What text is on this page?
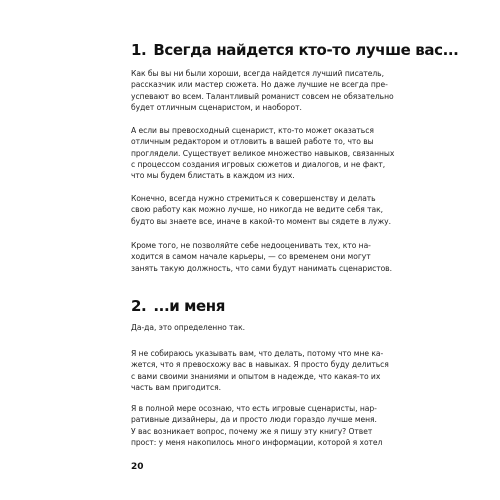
1. Всегда найдется кто-то лучше вас...

Как бы вы ни были хороши, всегда найдется лучший писатель,
рассказчик или мастер сюжета. Но даже лучшие не всегда пре-
успевают во всем. Талантливый романист совсем не обязательно
будет отличным сценаристом, и наоборот.

А если вы превосходный сценарист, кто-то может оказаться
отличным редактором и отловить в вашей работе то, что вы
проглядели. Существует великое множество навыков, связанных
с процессом создания игровых сюжетов и диалогов, и не факт,
что мы будем блистать в каждом из них.

Конечно, всегда нужно стремиться к совершенству и делать
свою работу как можно лучше, но никогда не ведите себя так,
будто вы знаете все, иначе в какой-то момент вы сядете в лужу.

Кроме того, не позволяйте себе недооценивать тех, кто на-
ходится в самом начале карьеры, — со временем они могут
занять такую должность, что сами будут нанимать сценаристов.

2. ...и меня

Да-да, это определенно так.

Я не собираюсь указывать вам, что делать, потому что мне ка-
жется, что я превосхожу вас в навыках. Я просто буду делиться
с вами своими знаниями и опытом в надежде, что какая-то их
часть вам пригодится.

Я в полной мере осознаю, что есть игровые сценаристы, нар-
ративные дизайнеры, да и просто люди гораздо лучше меня.
У вас возникает вопрос, почему же я пишу эту книгу? Ответ
прост: у меня накопилось много информации, которой я хотел

20
